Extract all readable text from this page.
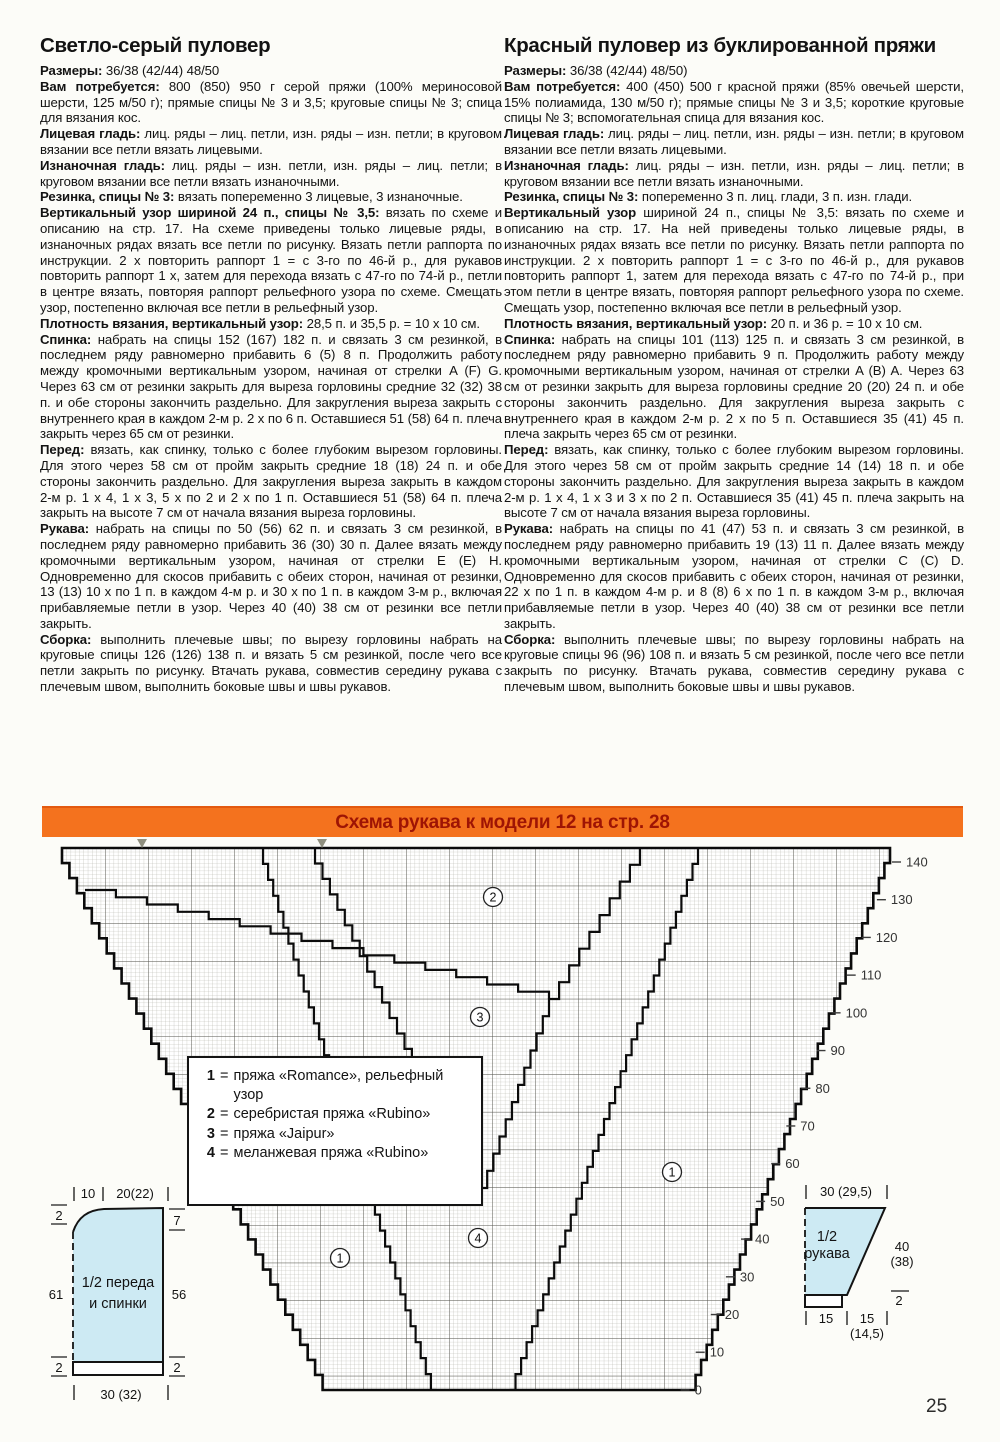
Светло-серый пуловер

Размеры: 36/38 (42/44) 48/50

Вам потребуется: 800 (850) 950 г серой пряжи (100% мериносовой шерсти, 125 м/50 г); прямые спицы № 3 и 3,5; круговые спицы № 3; спица для вязания кос.

Лицевая гладь: лиц. ряды – лиц. петли, изн. ряды – изн. петли; в круговом вязании все петли вязать лицевыми.

Изнаночная гладь: лиц. ряды – изн. петли, изн. ряды – лиц. петли; в круговом вязании все петли вязать изнаночными.

Резинка, спицы № 3: вязать попеременно 3 лицевые, 3 изнаночные.

Вертикальный узор шириной 24 п., спицы № 3,5: вязать по схеме и описанию на стр. 17. На схеме приведены только лицевые ряды, в изнаночных рядах вязать все петли по рисунку. Вязать петли раппорта по инструкции. 2 х повторить раппорт 1 = с 3-го по 46-й р., для рукавов повторить раппорт 1 х, затем для перехода вязать с 47-го по 74-й р., петли в центре вязать, повторяя раппорт рельефного узора по схеме. Смещать узор, постепенно включая все петли в рельефный узор.

Плотность вязания, вертикальный узор: 28,5 п. и 35,5 р. = 10 х 10 см.

Спинка: набрать на спицы 152 (167) 182 п. и связать 3 см резинкой, в последнем ряду равномерно прибавить 6 (5) 8 п. Продолжить работу между кромочными вертикальным узором, начиная от стрелки A (F) G. Через 63 см от резинки закрыть для выреза горловины средние 32 (32) 38 п. и обе стороны закончить раздельно. Для закругления выреза закрыть с внутреннего края в каждом 2-м р. 2 х по 6 п. Оставшиеся 51 (58) 64 п. плеча закрыть через 65 см от резинки.

Перед: вязать, как спинку, только с более глубоким вырезом горловины. Для этого через 58 см от пройм закрыть средние 18 (18) 24 п. и обе стороны закончить раздельно. Для закругления выреза закрыть в каждом 2-м р. 1 х 4, 1 х 3, 5 х по 2 и 2 х по 1 п. Оставшиеся 51 (58) 64 п. плеча закрыть на высоте 7 см от начала вязания выреза горловины.

Рукава: набрать на спицы по 50 (56) 62 п. и связать 3 см резинкой, в последнем ряду равномерно прибавить 36 (30) 30 п. Далее вязать между кромочными вертикальным узором, начиная от стрелки E (E) H. Одновременно для скосов прибавить с обеих сторон, начиная от резинки, 13 (13) 10 х по 1 п. в каждом 4-м р. и 30 х по 1 п. в каждом 3-м р., включая прибавляемые петли в узор. Через 40 (40) 38 см от резинки все петли закрыть.

Сборка: выполнить плечевые швы; по вырезу горловины набрать на круговые спицы 126 (126) 138 п. и вязать 5 см резинкой, после чего все петли закрыть по рисунку. Втачать рукава, совместив середину рукава с плечевым швом, выполнить боковые швы и швы рукавов.

Красный пуловер из буклированной пряжи

Размеры: 36/38 (42/44) 48/50)

Вам потребуется: 400 (450) 500 г красной пряжи (85% овечьей шерсти, 15% полиамида, 130 м/50 г); прямые спицы № 3 и 3,5; короткие круговые спицы № 3; вспомогательная спица для вязания кос.

Лицевая гладь: лиц. ряды – лиц. петли, изн. ряды – изн. петли; в круговом вязании все петли вязать лицевыми.

Изнаночная гладь: лиц. ряды – изн. петли, изн. ряды – лиц. петли; в круговом вязании все петли вязать изнаночными.

Резинка, спицы № 3: попеременно 3 п. лиц. глади, 3 п. изн. глади.

Вертикальный узор шириной 24 п., спицы № 3,5: вязать по схеме и описанию на стр. 17. На ней приведены только лицевые ряды, в изнаночных рядах вязать все петли по рисунку. Вязать петли раппорта по инструкции. 2 х повторить раппорт 1 = с 3-го по 46-й р., для рукавов повторить раппорт 1, затем для перехода вязать с 47-го по 74-й р., при этом петли в центре вязать, повторяя раппорт рельефного узора по схеме. Смещать узор, постепенно включая все петли в рельефный узор.

Плотность вязания, вертикальный узор: 20 п. и 36 р. = 10 х 10 см.

Спинка: набрать на спицы 101 (113) 125 п. и связать 3 см резинкой, в последнем ряду равномерно прибавить 9 п. Продолжить работу между кромочными вертикальным узором, начиная от стрелки A (B) A. Через 63 см от резинки закрыть для выреза горловины средние 20 (20) 24 п. и обе стороны закончить раздельно. Для закругления выреза закрыть с внутреннего края в каждом 2-м р. 2 х по 5 п. Оставшиеся 35 (41) 45 п. плеча закрыть через 65 см от резинки.

Перед: вязать, как спинку, только с более глубоким вырезом горловины. Для этого через 58 см от пройм закрыть средние 14 (14) 18 п. и обе стороны закончить раздельно. Для закругления выреза закрыть в каждом 2-м р. 1 х 4, 1 х 3 и 3 х по 2 п. Оставшиеся 35 (41) 45 п. плеча закрыть на высоте 7 см от начала вязания выреза горловины.

Рукава: набрать на спицы по 41 (47) 53 п. и связать 3 см резинкой, в последнем ряду равномерно прибавить 19 (13) 11 п. Далее вязать между кромочными вертикальным узором, начиная от стрелки C (C) D. Одновременно для скосов прибавить с обеих сторон, начиная от резинки, 22 х по 1 п. в каждом 4-м р. и 8 (8) 6 х по 1 п. в каждом 3-м р., включая прибавляемые петли в узор. Через 40 (40) 38 см от резинки все петли закрыть.

Сборка: выполнить плечевые швы; по вырезу горловины набрать на круговые спицы 96 (96) 108 п. и вязать 5 см резинкой, после чего все петли закрыть по рисунку. Втачать рукава, совместив середину рукава с плечевым швом, выполнить боковые швы и швы рукавов.

Схема рукава к модели 12 на стр. 28
140
130
120
110
100
90
80
70
60
50
40
30
20
10
0
2
3
1
4
1
1 = пряжа «Romance», рельефный узор
2 = серебристая пряжа «Rubino»
3 = пряжа «Jaipur»
4 = меланжевая пряжа «Rubino»
10 20(22)
2
61
2
7
56
2
30 (32)
1/2 переда
и спинки
30 (29,5)
40
(38)
2
15 15
(14,5)
1/2
рукава
25
